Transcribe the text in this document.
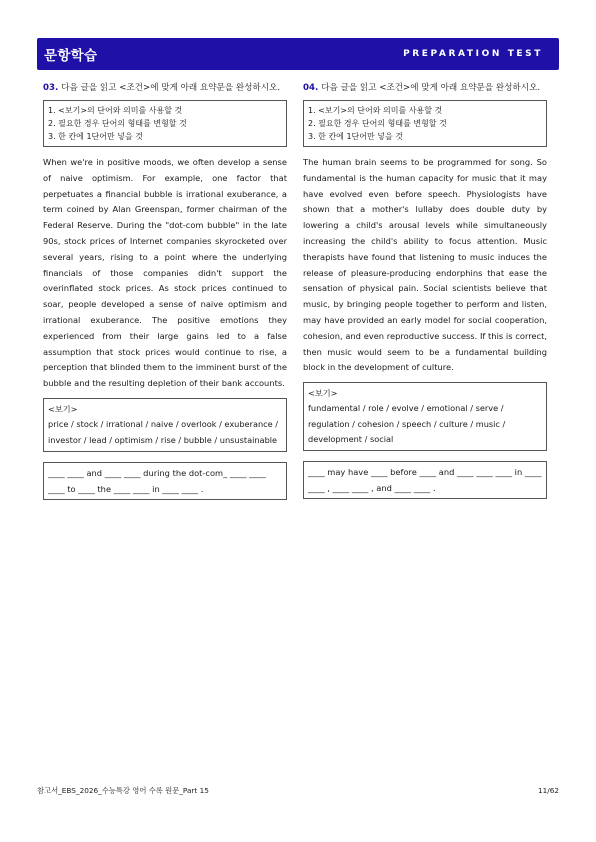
문항학습	PREPARATION TEST

03. 다음 글을 읽고 <조건>에 맞게 아래 요약문을 완성하시오.

1. <보기>의 단어와 의미를 사용할 것
2. 필요한 경우 단어의 형태를 변형할 것
3. 한 칸에 1단어만 넣을 것

When we're in positive moods, we often develop a sense of naive optimism. For example, one factor that perpetuates a financial bubble is irrational exuberance, a term coined by Alan Greenspan, former chairman of the Federal Reserve. During the "dot-com bubble" in the late 90s, stock prices of Internet companies skyrocketed over several years, rising to a point where the underlying financials of those companies didn't support the overinflated stock prices. As stock prices continued to soar, people developed a sense of naive optimism and irrational exuberance. The positive emotions they experienced from their large gains led to a false assumption that stock prices would continue to rise, a perception that blinded them to the imminent burst of the bubble and the resulting depletion of their bank accounts.

<보기>
price / stock / irrational / naive / overlook / exuberance / investor / lead / optimism / rise / bubble / unsustainable
____ ____ and ____ ____ during the dot-com_ ____ ____ ____ to ____ the ____ ____ in ____ ____ .

04. 다음 글을 읽고 <조건>에 맞게 아래 요약문을 완성하시오.

1. <보기>의 단어와 의미를 사용할 것
2. 필요한 경우 단어의 형태를 변형할 것
3. 한 칸에 1단어만 넣을 것

The human brain seems to be programmed for song. So fundamental is the human capacity for music that it may have evolved even before speech. Physiologists have shown that a mother's lullaby does double duty by lowering a child's arousal levels while simultaneously increasing the child's ability to focus attention. Music therapists have found that listening to music induces the release of pleasure-producing endorphins that ease the sensation of physical pain. Social scientists believe that music, by bringing people together to perform and listen, may have provided an early model for social cooperation, cohesion, and even reproductive success. If this is correct, then music would seem to be a fundamental building block in the development of culture.

<보기>
fundamental / role / evolve / emotional / serve / regulation / cohesion / speech / culture / music / development / social
____ may have ____ before ____ and ____ ____ ____ in ____ ____ , ____ ____ , and ____ ____ .
참고서_EBS_2026_수능특강 영어 수록 원문_Part 15	11/62
